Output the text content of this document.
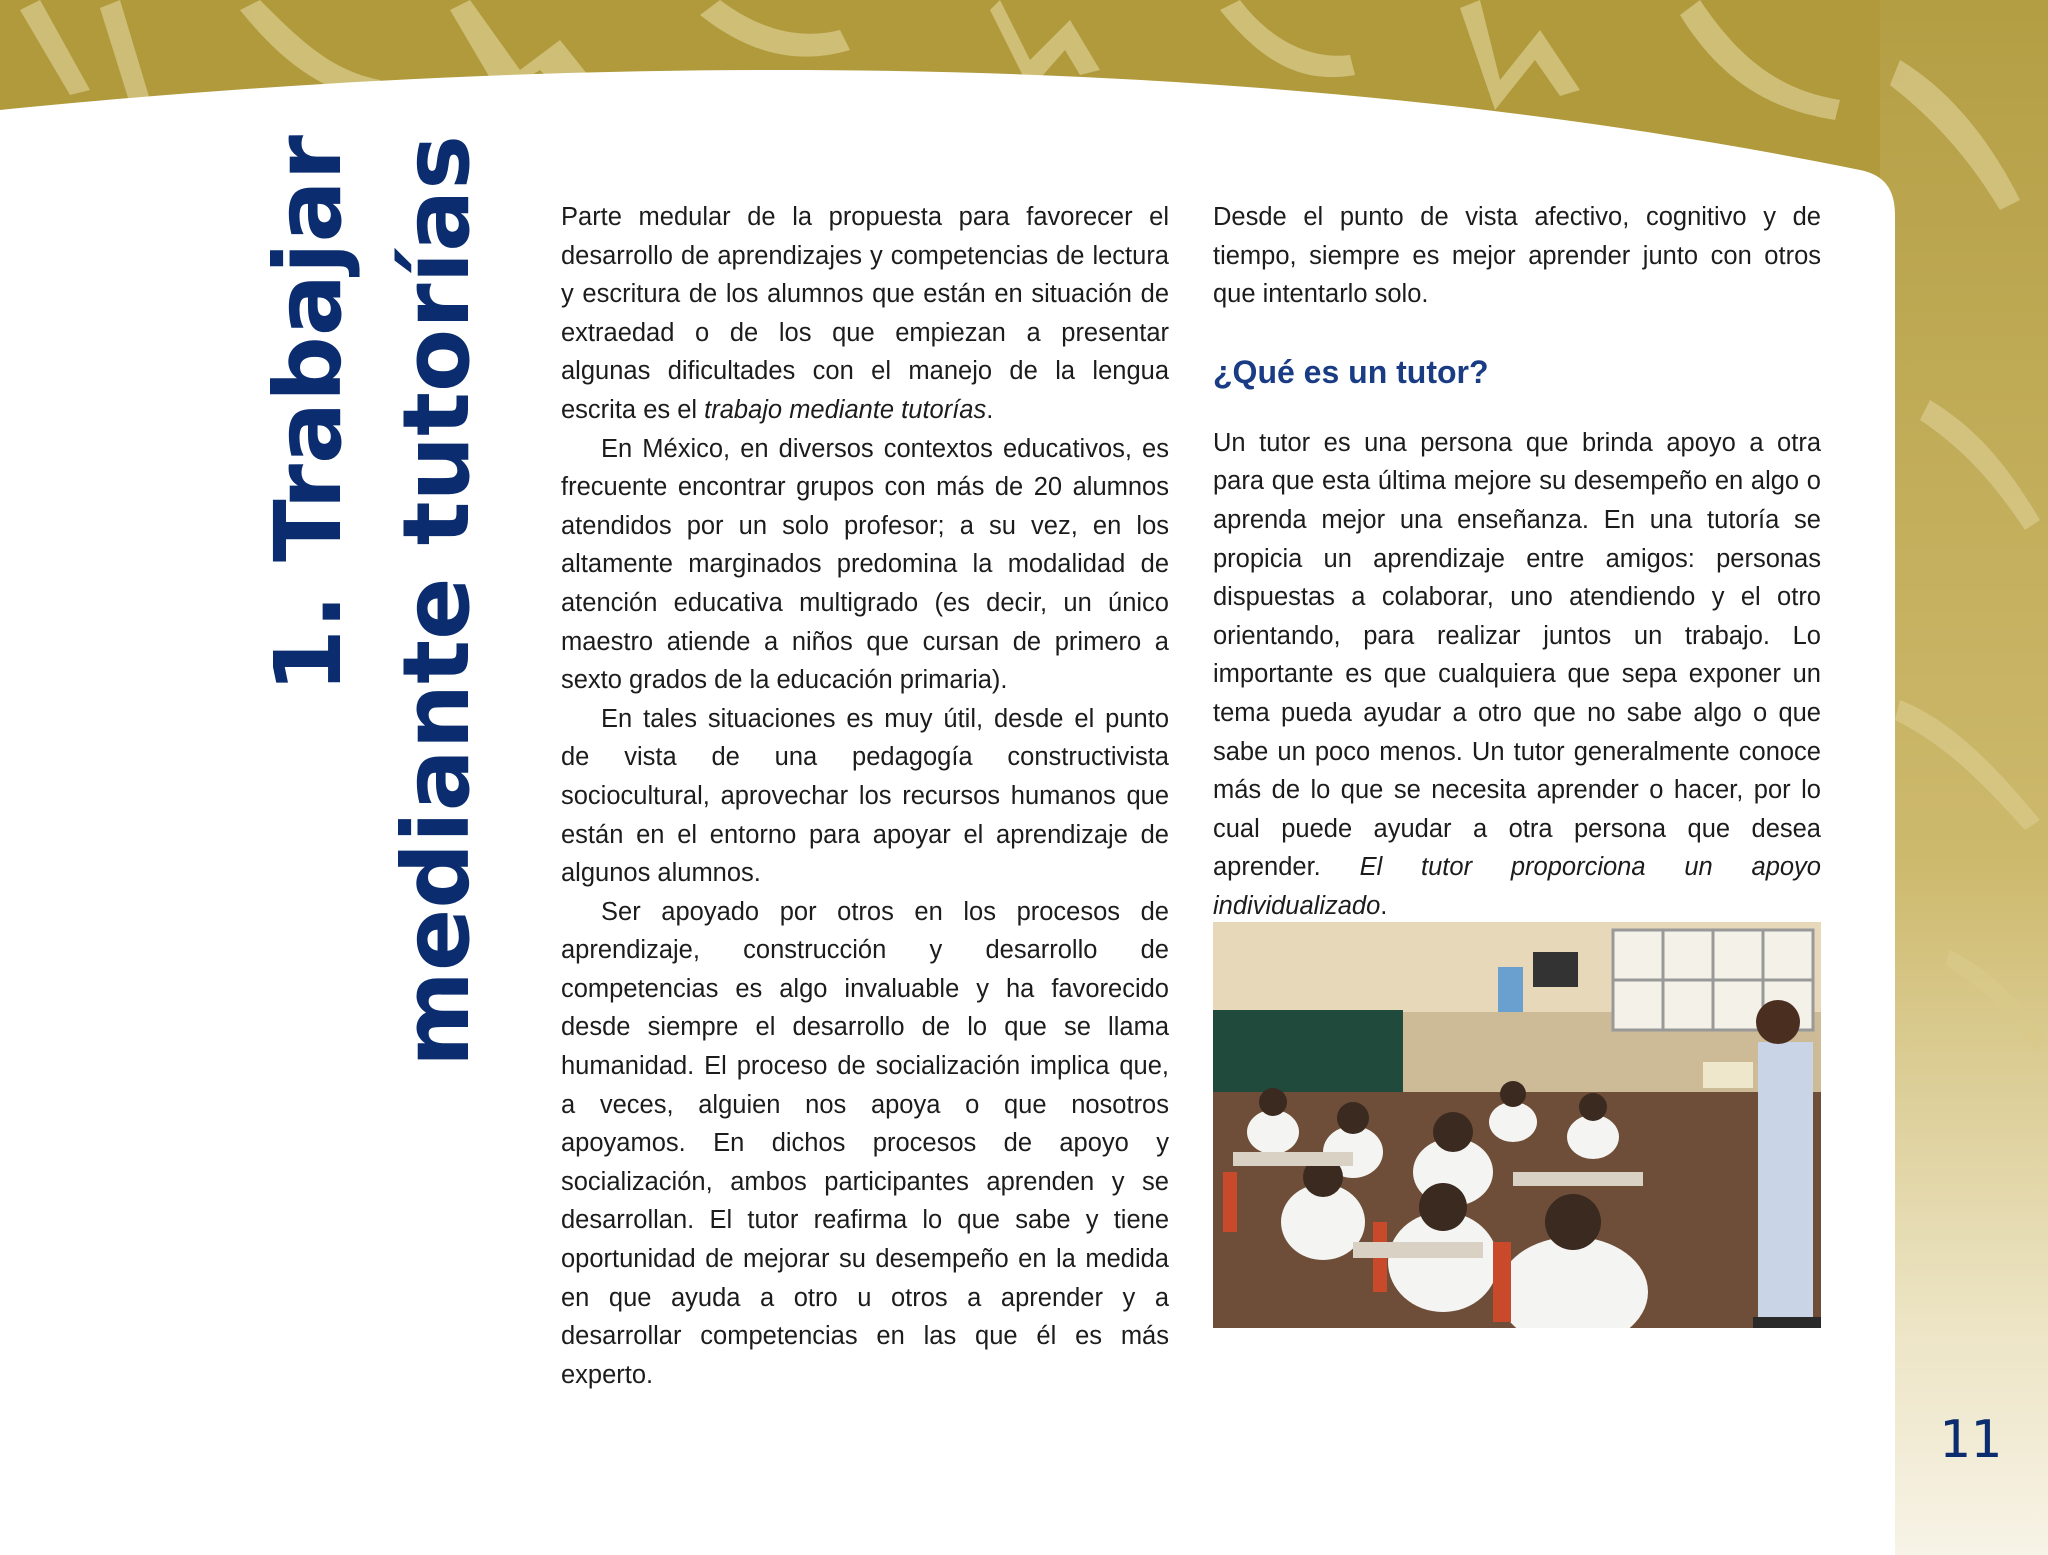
1. Trabajar mediante tutorías	Parte medular de la propuesta para favorecer el desarrollo de aprendizajes y competencias de lectura y escritura de los alumnos que están en situación de extraedad o de los que empiezan a presentar algunas dificultades con el manejo de la lengua escrita es el trabajo mediante tutorías.

En México, en diversos contextos educativos, es frecuente encontrar grupos con más de 20 alumnos atendidos por un solo profesor; a su vez, en los altamente marginados predomina la modalidad de atención educativa multigrado (es decir, un único maestro atiende a niños que cursan de primero a sexto grados de la educación primaria).

En tales situaciones es muy útil, desde el punto de vista de una pedagogía constructivista sociocultural, aprovechar los recursos humanos que están en el entorno para apoyar el aprendizaje de algunos alumnos.

Ser apoyado por otros en los procesos de aprendizaje, construcción y desarrollo de competencias es algo invaluable y ha favorecido desde siempre el desarrollo de lo que se llama humanidad. El proceso de socialización implica que, a veces, alguien nos apoya o que nosotros apoyamos. En dichos procesos de apoyo y socialización, ambos participantes aprenden y se desarrollan. El tutor reafirma lo que sabe y tiene oportunidad de mejorar su desempeño en la medida en que ayuda a otro u otros a aprender y a desarrollar competencias en las que él es más experto.

Desde el punto de vista afectivo, cognitivo y de tiempo, siempre es mejor aprender junto con otros que intentarlo solo.

¿Qué es un tutor?

Un tutor es una persona que brinda apoyo a otra para que esta última mejore su desempeño en algo o aprenda mejor una enseñanza. En una tutoría se propicia un aprendizaje entre amigos: personas dispuestas a colaborar, uno atendiendo y el otro orientando, para realizar juntos un trabajo. Lo importante es que cualquiera que sepa exponer un tema pueda ayudar a otro que no sabe algo o que sabe un poco menos. Un tutor generalmente conoce más de lo que se necesita aprender o hacer, por lo cual puede ayudar a otra persona que desea aprender. El tutor proporciona un apoyo individualizado.

11
